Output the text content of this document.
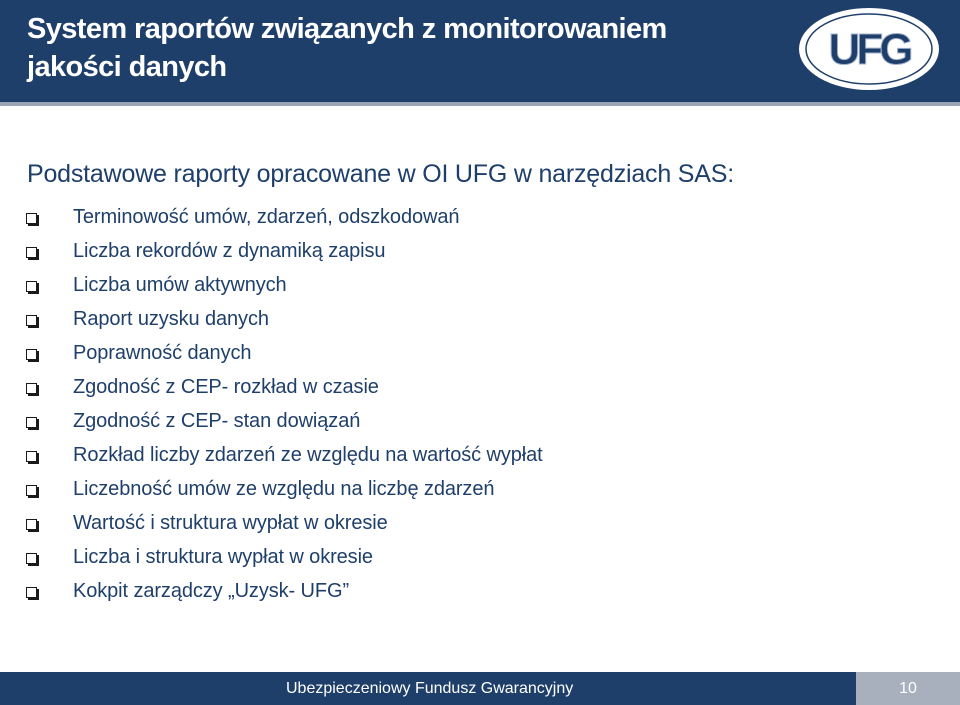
System raportów związanych z monitorowaniem
jakości danych	UFG
Podstawowe raporty opracowane w OI UFG w narzędziach SAS:
Terminowość umów, zdarzeń, odszkodowań
Liczba rekordów z dynamiką zapisu
Liczba umów aktywnych
Raport uzysku danych
Poprawność danych
Zgodność z CEP- rozkład w czasie
Zgodność z CEP- stan dowiązań
Rozkład liczby zdarzeń ze względu na wartość wypłat
Liczebność umów ze względu na liczbę zdarzeń
Wartość i struktura wypłat w okresie
Liczba i struktura wypłat w okresie
Kokpit zarządczy „Uzysk- UFG”
Ubezpieczeniowy Fundusz Gwarancyjny	10
